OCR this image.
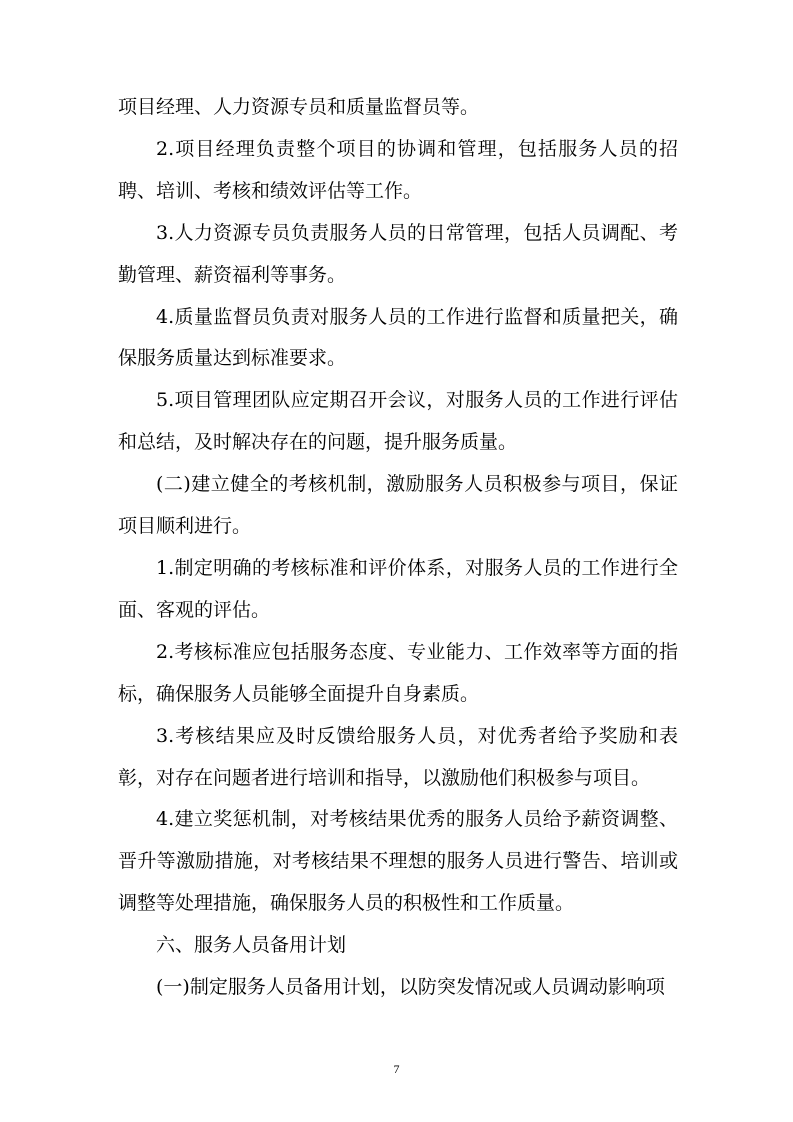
项目经理、人力资源专员和质量监督员等。

2.项目经理负责整个项目的协调和管理，包括服务人员的招聘、培训、考核和绩效评估等工作。

3.人力资源专员负责服务人员的日常管理，包括人员调配、考勤管理、薪资福利等事务。

4.质量监督员负责对服务人员的工作进行监督和质量把关，确保服务质量达到标准要求。

5.项目管理团队应定期召开会议，对服务人员的工作进行评估和总结，及时解决存在的问题，提升服务质量。

(二)建立健全的考核机制，激励服务人员积极参与项目，保证项目顺利进行。

1.制定明确的考核标准和评价体系，对服务人员的工作进行全面、客观的评估。

2.考核标准应包括服务态度、专业能力、工作效率等方面的指标，确保服务人员能够全面提升自身素质。

3.考核结果应及时反馈给服务人员，对优秀者给予奖励和表彰，对存在问题者进行培训和指导，以激励他们积极参与项目。

4.建立奖惩机制，对考核结果优秀的服务人员给予薪资调整、晋升等激励措施，对考核结果不理想的服务人员进行警告、培训或调整等处理措施，确保服务人员的积极性和工作质量。

六、服务人员备用计划

(一)制定服务人员备用计划，以防突发情况或人员调动影响项

7
